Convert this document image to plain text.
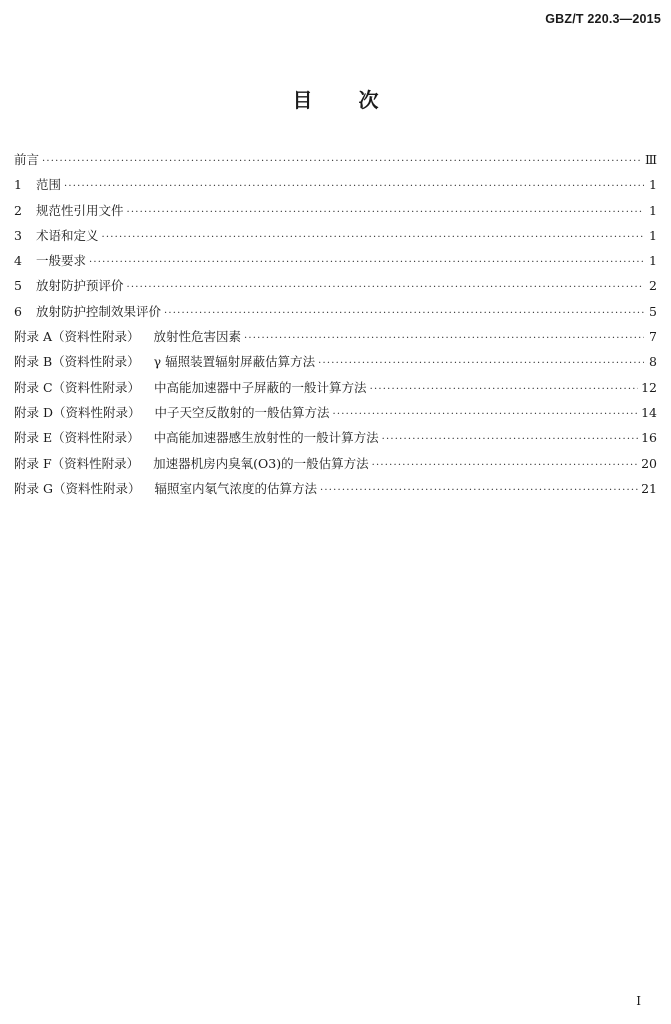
GBZ/T 220.3—2015
目 次
前言 ·····	Ⅲ
1	范围 ·····	1
2	规范性引用文件 ·····	1
3	术语和定义 ·····	1
4	一般要求 ·····	1
5	放射防护预评价 ·····	2
6	放射防护控制效果评价 ·····	5
附录 A（资料性附录） 放射性危害因素 ·····	7
附录 B（资料性附录） γ 辐照装置辐射屏蔽估算方法 ·····	8
附录 C（资料性附录） 中高能加速器中子屏蔽的一般计算方法 ·····	12
附录 D（资料性附录） 中子天空反散射的一般估算方法 ·····	14
附录 E（资料性附录） 中高能加速器感生放射性的一般计算方法 ·····	16
附录 F（资料性附录） 加速器机房内臭氧(O3)的一般估算方法 ·····	20
附录 G（资料性附录） 辐照室内氡气浓度的估算方法 ·····	21
I
